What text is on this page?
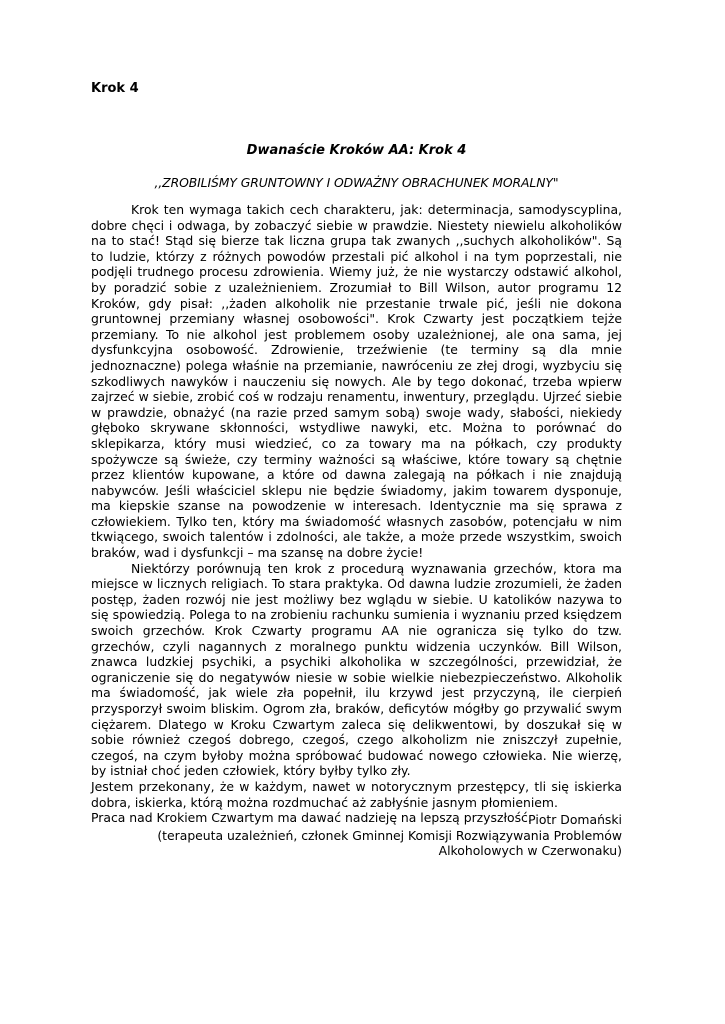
Krok 4
Dwanaście Kroków AA: Krok 4
,,ZROBILIŚMY GRUNTOWNY I ODWAŻNY OBRACHUNEK MORALNY"

Krok ten wymaga takich cech charakteru, jak: determinacja, samodyscyplina, dobre chęci i odwaga, by zobaczyć siebie w prawdzie. Niestety niewielu alkoholików na to stać! Stąd się bierze tak liczna grupa tak zwanych ,,suchych alkoholików". Są to ludzie, którzy z różnych powodów przestali pić alkohol i na tym poprzestali, nie podjęli trudnego procesu zdrowienia. Wiemy już, że nie wystarczy odstawić alkohol, by poradzić sobie z uzależnieniem. Zrozumiał to Bill Wilson, autor programu 12 Kroków, gdy pisał: ,,żaden alkoholik nie przestanie trwale pić, jeśli nie dokona gruntownej przemiany własnej osobowości". Krok Czwarty jest początkiem tejże przemiany. To nie alkohol jest problemem osoby uzależnionej, ale ona sama, jej dysfunkcyjna osobowość. Zdrowienie, trzeźwienie (te terminy są dla mnie jednoznaczne) polega właśnie na przemianie, nawróceniu ze złej drogi, wyzbyciu się szkodliwych nawyków i nauczeniu się nowych. Ale by tego dokonać, trzeba wpierw zajrzeć w siebie, zrobić coś w rodzaju renamentu, inwentury, przeglądu. Ujrzeć siebie w prawdzie, obnażyć (na razie przed samym sobą) swoje wady, słabości, niekiedy głęboko skrywane skłonności, wstydliwe nawyki, etc. Można to porównać do sklepikarza, który musi wiedzieć, co za towary ma na półkach, czy produkty spożywcze są świeże, czy terminy ważności są właściwe, które towary są chętnie przez klientów kupowane, a które od dawna zalegają na półkach i nie znajdują nabywców. Jeśli właściciel sklepu nie będzie świadomy, jakim towarem dysponuje, ma kiepskie szanse na powodzenie w interesach. Identycznie ma się sprawa z człowiekiem. Tylko ten, który ma świadomość własnych zasobów, potencjału w nim tkwiącego, swoich talentów i zdolności, ale także, a może przede wszystkim, swoich braków, wad i dysfunkcji – ma szansę na dobre życie!

Niektórzy porównują ten krok z procedurą wyznawania grzechów, ktora ma miejsce w licznych religiach. To stara praktyka. Od dawna ludzie zrozumieli, że żaden postęp, żaden rozwój nie jest możliwy bez wglądu w siebie. U katolików nazywa to się spowiedzią. Polega to na zrobieniu rachunku sumienia i wyznaniu przed księdzem swoich grzechów. Krok Czwarty programu AA nie ogranicza się tylko do tzw. grzechów, czyli nagannych z moralnego punktu widzenia uczynków. Bill Wilson, znawca ludzkiej psychiki, a psychiki alkoholika w szczególności, przewidział, że ograniczenie się do negatywów niesie w sobie wielkie niebezpieczeństwo. Alkoholik ma świadomość, jak wiele zła popełnił, ilu krzywd jest przyczyną, ile cierpień przysporzył swoim bliskim. Ogrom zła, braków, deficytów mógłby go przywalić swym ciężarem. Dlatego w Kroku Czwartym zaleca się delikwentowi, by doszukał się w sobie również czegoś dobrego, czegoś, czego alkoholizm nie zniszczył zupełnie, czegoś, na czym byłoby można spróbować budować nowego człowieka. Nie wierzę, by istniał choć jeden człowiek, który byłby tylko zły.

Jestem przekonany, że w każdym, nawet w notorycznym przestępcy, tli się iskierka dobra, iskierka, którą można rozdmuchać aż zabłyśnie jasnym płomieniem.

Praca nad Krokiem Czwartym ma dawać nadzieję na lepszą przyszłość.

Piotr Domański
(terapeuta uzależnień, członek Gminnej Komisji Rozwiązywania Problemów
Alkoholowych w Czerwonaku)
